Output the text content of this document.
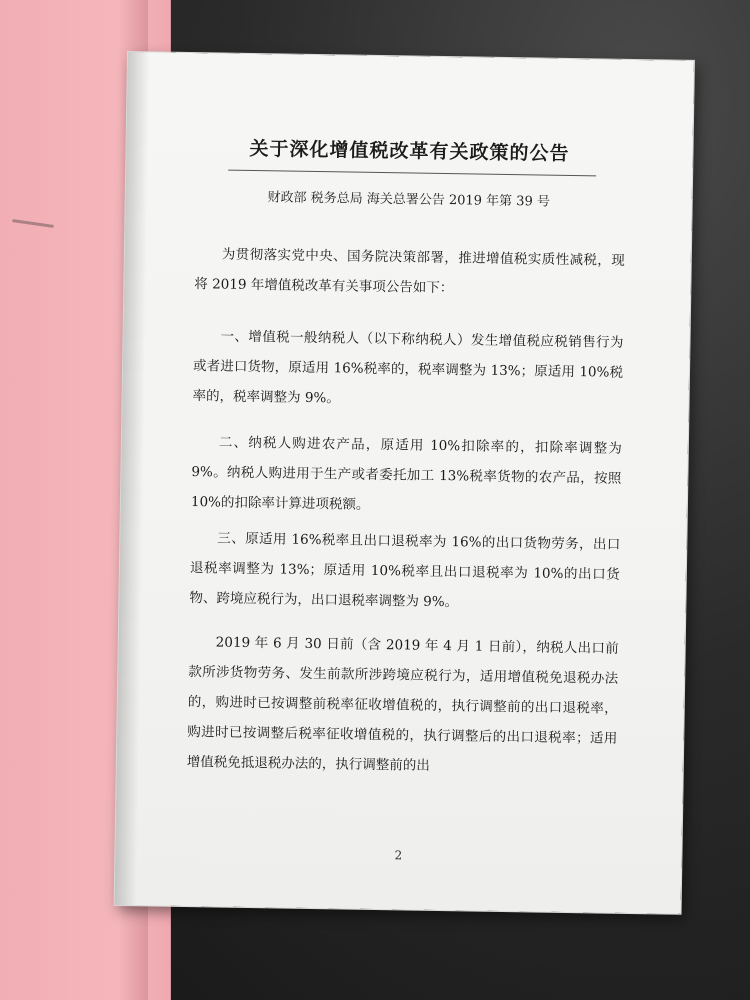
关于深化增值税改革有关政策的公告
财政部 税务总局 海关总署公告 2019 年第 39 号

为贯彻落实党中央、国务院决策部署，推进增值税实质性减税，现将 2019 年增值税改革有关事项公告如下：

一、增值税一般纳税人（以下称纳税人）发生增值税应税销售行为或者进口货物，原适用 16%税率的，税率调整为 13%；原适用 10%税率的，税率调整为 9%。

二、纳税人购进农产品，原适用 10%扣除率的，扣除率调整为 9%。纳税人购进用于生产或者委托加工 13%税率货物的农产品，按照 10%的扣除率计算进项税额。

三、原适用 16%税率且出口退税率为 16%的出口货物劳务，出口退税率调整为 13%；原适用 10%税率且出口退税率为 10%的出口货物、跨境应税行为，出口退税率调整为 9%。

2019 年 6 月 30 日前（含 2019 年 4 月 1 日前），纳税人出口前款所涉货物劳务、发生前款所涉跨境应税行为，适用增值税免退税办法的，购进时已按调整前税率征收增值税的，执行调整前的出口退税率，购进时已按调整后税率征收增值税的，执行调整后的出口退税率；适用增值税免抵退税办法的，执行调整前的出

2
